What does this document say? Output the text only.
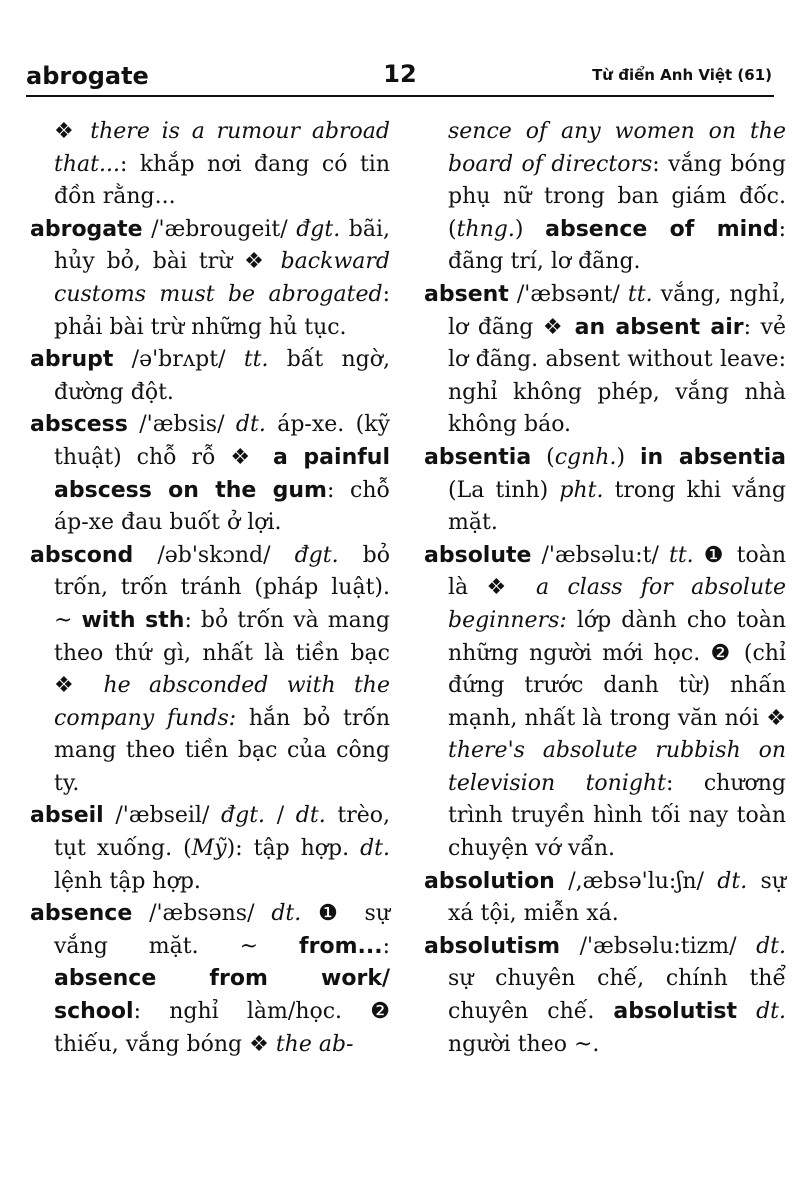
abrogate	12	Từ điển Anh Việt (61)

❖ there is a rumour abroad that...: khắp nơi đang có tin đồn rằng...

abrogate /'æbrougeit/ đgt. bãi, hủy bỏ, bài trừ ❖ backward customs must be abrogated: phải bài trừ những hủ tục.

abrupt /ə'brʌpt/ tt. bất ngờ, đường đột.

abscess /'æbsis/ dt. áp-xe. (kỹ thuật) chỗ rỗ ❖ a painful abscess on the gum: chỗ áp-xe đau buốt ở lợi.

abscond /əb'skɔnd/ đgt. bỏ trốn, trốn tránh (pháp luật). ~ with sth: bỏ trốn và mang theo thứ gì, nhất là tiền bạc ❖ he absconded with the company funds: hắn bỏ trốn mang theo tiền bạc của công ty.

abseil /'æbseil/ đgt. / dt. trèo, tụt xuống. (Mỹ): tập hợp. dt. lệnh tập hợp.

absence /'æbsəns/ dt. ❶ sự vắng mặt. ~ from...: absence from work/ school: nghỉ làm/học. ❷ thiếu, vắng bóng ❖ the ab-

sence of any women on the board of directors: vắng bóng phụ nữ trong ban giám đốc. (thng.) absence of mind: đãng trí, lơ đãng.

absent /'æbsənt/ tt. vắng, nghỉ, lơ đãng ❖ an absent air: vẻ lơ đãng. absent without leave: nghỉ không phép, vắng nhà không báo.

absentia (cgnh.) in absentia (La tinh) pht. trong khi vắng mặt.

absolute /'æbsəlu:t/ tt. ❶ toàn là ❖ a class for absolute beginners: lớp dành cho toàn những người mới học. ❷ (chỉ đứng trước danh từ) nhấn mạnh, nhất là trong văn nói ❖ there's absolute rubbish on television tonight: chương trình truyền hình tối nay toàn chuyện vớ vẩn.

absolution /,æbsə'lu:ʃn/ dt. sự xá tội, miễn xá.

absolutism /'æbsəlu:tizm/ dt. sự chuyên chế, chính thể chuyên chế. absolutist dt. người theo ~.
